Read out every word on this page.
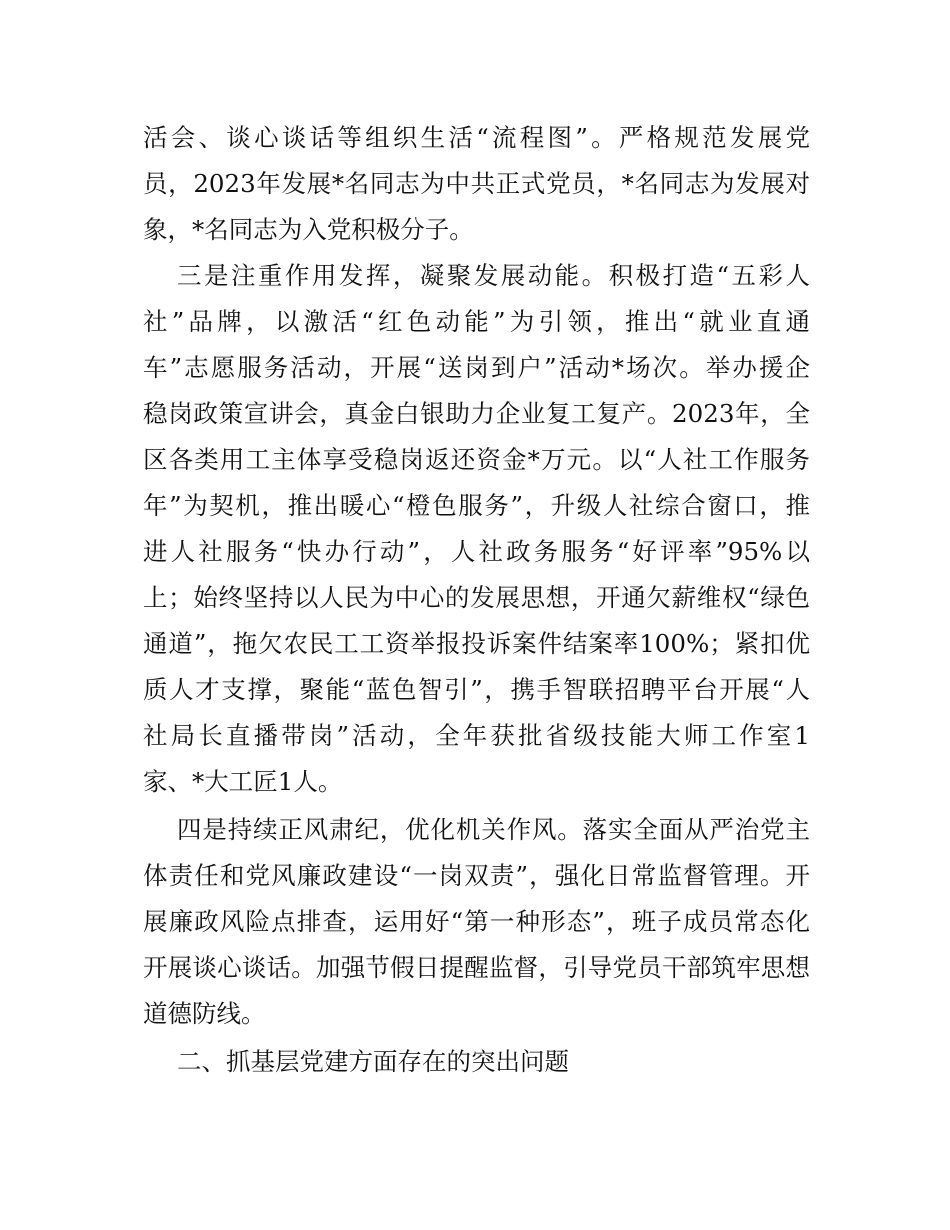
活会、谈心谈话等组织生活“流程图”。严格规范发展党
员，2023年发展*名同志为中共正式党员，*名同志为发展对
象，*名同志为入党积极分子。
三是注重作用发挥，凝聚发展动能。积极打造“五彩人
社”品牌，以激活“红色动能”为引领，推出“就业直通
车”志愿服务活动，开展“送岗到户”活动*场次。举办援企
稳岗政策宣讲会，真金白银助力企业复工复产。2023年，全
区各类用工主体享受稳岗返还资金*万元。以“人社工作服务
年”为契机，推出暖心“橙色服务”，升级人社综合窗口，推
进人社服务“快办行动”，人社政务服务“好评率”95%以
上；始终坚持以人民为中心的发展思想，开通欠薪维权“绿色
通道”，拖欠农民工工资举报投诉案件结案率100%；紧扣优
质人才支撑，聚能“蓝色智引”，携手智联招聘平台开展“人
社局长直播带岗”活动，全年获批省级技能大师工作室1
家、*大工匠1人。
四是持续正风肃纪，优化机关作风。落实全面从严治党主
体责任和党风廉政建设“一岗双责”，强化日常监督管理。开
展廉政风险点排查，运用好“第一种形态”，班子成员常态化
开展谈心谈话。加强节假日提醒监督，引导党员干部筑牢思想
道德防线。
二、抓基层党建方面存在的突出问题
